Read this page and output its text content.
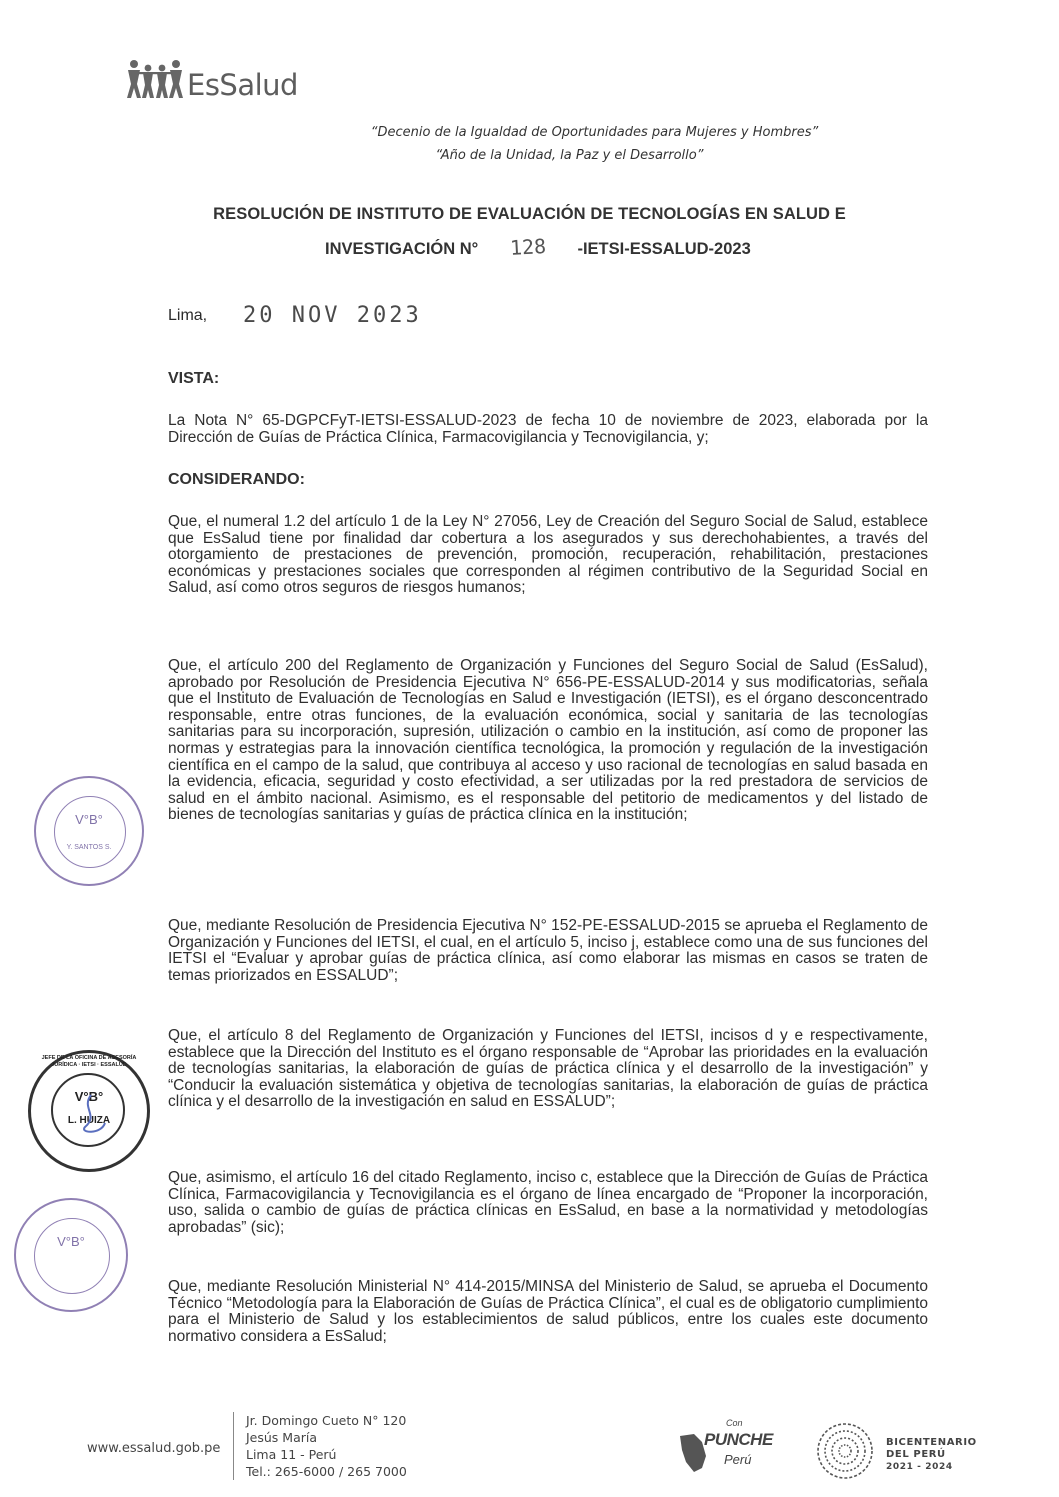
EsSalud
“Decenio de la Igualdad de Oportunidades para Mujeres y Hombres”
“Año de la Unidad, la Paz y el Desarrollo”
RESOLUCIÓN DE INSTITUTO DE EVALUACIÓN DE TECNOLOGÍAS EN SALUD E
INVESTIGACIÓN N° 128 -IETSI-ESSALUD-2023
Lima, 20 NOV 2023
VISTA:
La Nota N° 65-DGPCFyT-IETSI-ESSALUD-2023 de fecha 10 de noviembre de 2023, elaborada por la Dirección de Guías de Práctica Clínica, Farmacovigilancia y Tecnovigilancia, y;
CONSIDERANDO:
Que, el numeral 1.2 del artículo 1 de la Ley N° 27056, Ley de Creación del Seguro Social de Salud, establece que EsSalud tiene por finalidad dar cobertura a los asegurados y sus derechohabientes, a través del otorgamiento de prestaciones de prevención, promoción, recuperación, rehabilitación, prestaciones económicas y prestaciones sociales que corresponden al régimen contributivo de la Seguridad Social en Salud, así como otros seguros de riesgos humanos;
Que, el artículo 200 del Reglamento de Organización y Funciones del Seguro Social de Salud (EsSalud), aprobado por Resolución de Presidencia Ejecutiva N° 656-PE-ESSALUD-2014 y sus modificatorias, señala que el Instituto de Evaluación de Tecnologías en Salud e Investigación (IETSI), es el órgano desconcentrado responsable, entre otras funciones, de la evaluación económica, social y sanitaria de las tecnologías sanitarias para su incorporación, supresión, utilización o cambio en la institución, así como de proponer las normas y estrategias para la innovación científica tecnológica, la promoción y regulación de la investigación científica en el campo de la salud, que contribuya al acceso y uso racional de tecnologías en salud basada en la evidencia, eficacia, seguridad y costo efectividad, a ser utilizadas por la red prestadora de servicios de salud en el ámbito nacional. Asimismo, es el responsable del petitorio de medicamentos y del listado de bienes de tecnologías sanitarias y guías de práctica clínica en la institución;
Que, mediante Resolución de Presidencia Ejecutiva N° 152-PE-ESSALUD-2015 se aprueba el Reglamento de Organización y Funciones del IETSI, el cual, en el artículo 5, inciso j, establece como una de sus funciones del IETSI el “Evaluar y aprobar guías de práctica clínica, así como elaborar las mismas en casos se traten de temas priorizados en ESSALUD”;
Que, el artículo 8 del Reglamento de Organización y Funciones del IETSI, incisos d y e respectivamente, establece que la Dirección del Instituto es el órgano responsable de “Aprobar las prioridades en la evaluación de tecnologías sanitarias, la elaboración de guías de práctica clínica y el desarrollo de la investigación” y “Conducir la evaluación sistemática y objetiva de tecnologías sanitarias, la elaboración de guías de práctica clínica y el desarrollo de la investigación en salud en ESSALUD”;
Que, asimismo, el artículo 16 del citado Reglamento, inciso c, establece que la Dirección de Guías de Práctica Clínica, Farmacovigilancia y Tecnovigilancia es el órgano de línea encargado de “Proponer la incorporación, uso, salida o cambio de guías de práctica clínicas en EsSalud, en base a la normatividad y metodologías aprobadas” (sic);
Que, mediante Resolución Ministerial N° 414-2015/MINSA del Ministerio de Salud, se aprueba el Documento Técnico “Metodología para la Elaboración de Guías de Práctica Clínica”, el cual es de obligatorio cumplimiento para el Ministerio de Salud y los establecimientos de salud públicos, entre los cuales este documento normativo considera a EsSalud;
V°B°
Y. SANTOS S.
V°B°
L. HUIZA
JEFE DE LA OFICINA DE ASESORÍA JURÍDICA · IETSI · ESSALUD
V°B°
www.essalud.gob.pe
Jr. Domingo Cueto N° 120
Jesús María
Lima 11 - Perú
Tel.: 265-6000 / 265 7000
Con
PUNCHE
Perú
BICENTENARIO
DEL PERÚ
2021 - 2024
